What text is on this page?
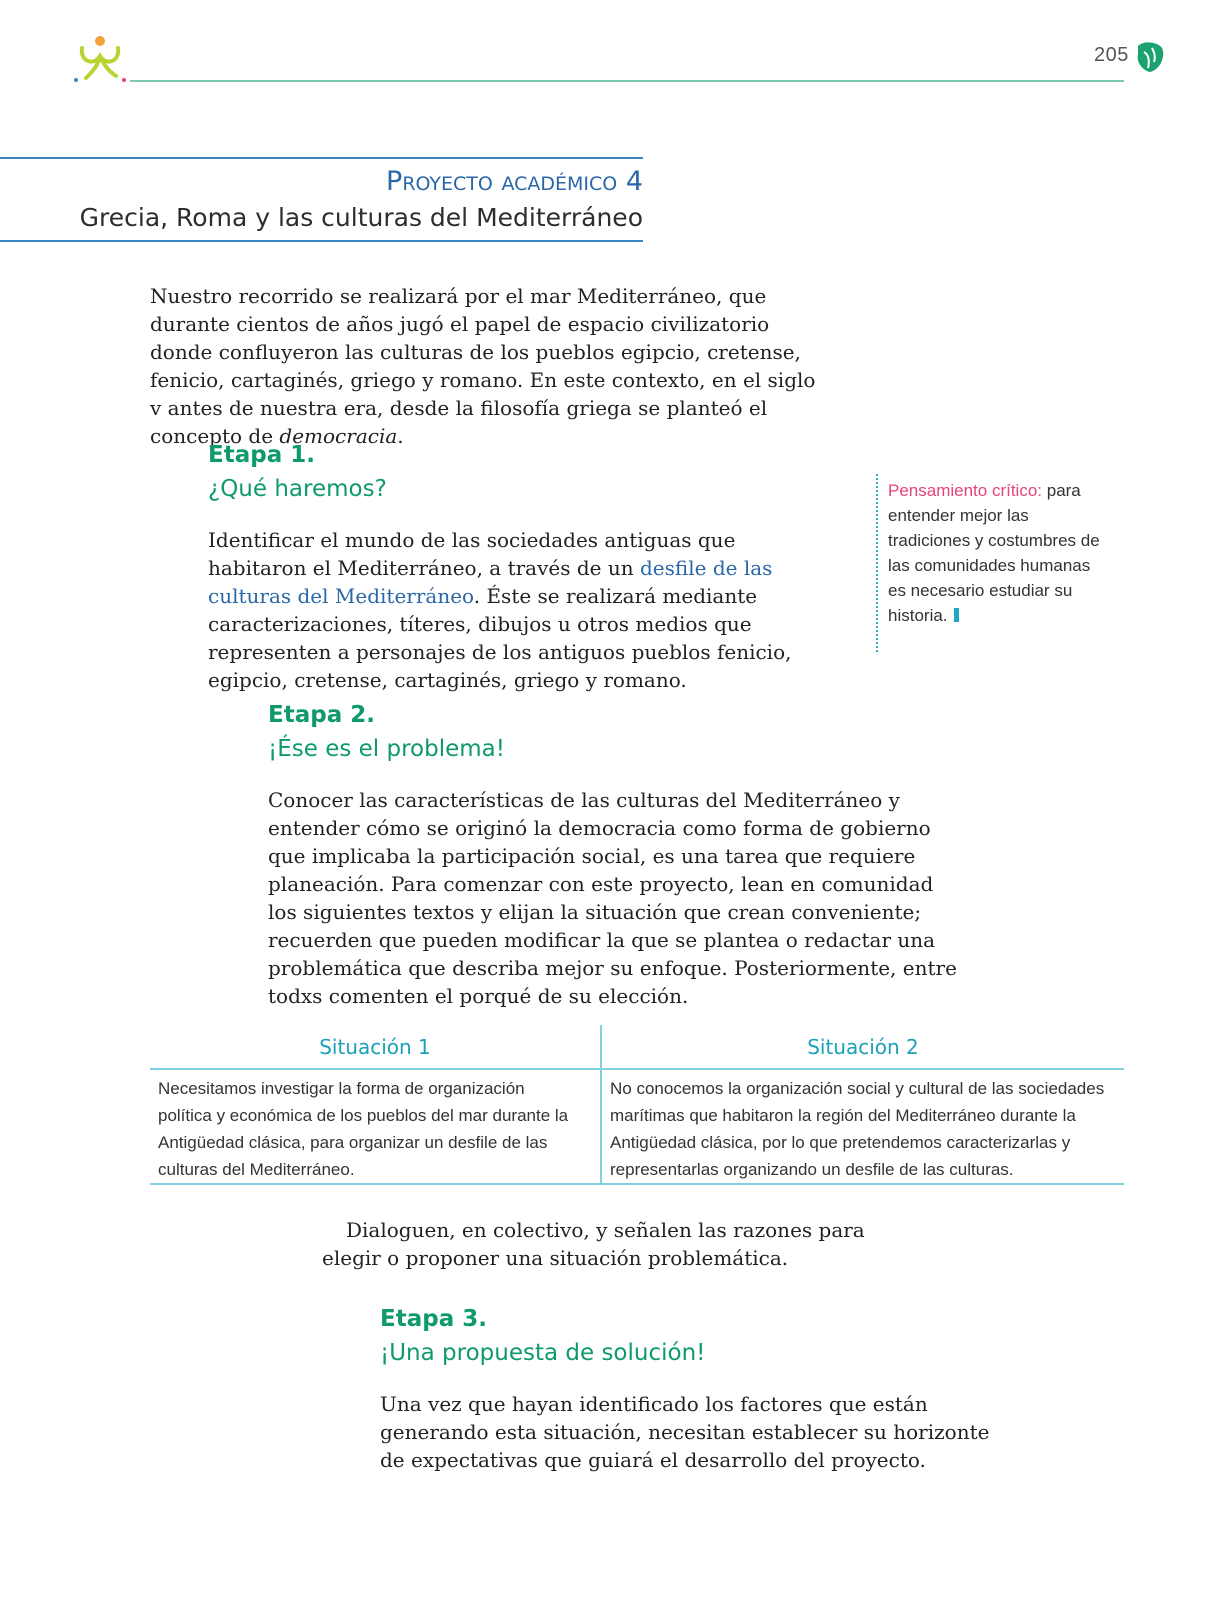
205
Proyecto académico 4
Grecia, Roma y las culturas del Mediterráneo
Nuestro recorrido se realizará por el mar Mediterráneo, que durante cientos de años jugó el papel de espacio civilizatorio donde confluyeron las culturas de los pueblos egipcio, cretense, fenicio, cartaginés, griego y romano. En este contexto, en el siglo v antes de nuestra era, desde la filosofía griega se planteó el concepto de democracia.
Etapa 1.
¿Qué haremos?
Identificar el mundo de las sociedades antiguas que habitaron el Mediterráneo, a través de un desfile de las culturas del Mediterráneo. Éste se realizará mediante caracterizaciones, títeres, dibujos u otros medios que representen a personajes de los antiguos pueblos fenicio, egipcio, cretense, cartaginés, griego y romano.
Pensamiento crítico: para entender mejor las tradiciones y costumbres de las comunidades humanas es necesario estudiar su historia.
Etapa 2.
¡Ése es el problema!
Conocer las características de las culturas del Mediterráneo y entender cómo se originó la democracia como forma de gobierno que implicaba la participación social, es una tarea que requiere planeación. Para comenzar con este proyecto, lean en comunidad los siguientes textos y elijan la situación que crean conveniente; recuerden que pueden modificar la que se plantea o redactar una problemática que describa mejor su enfoque. Posteriormente, entre todxs comenten el porqué de su elección.
Situación 1
Necesitamos investigar la forma de organización política y económica de los pueblos del mar durante la Antigüedad clásica, para organizar un desfile de las culturas del Mediterráneo.
Situación 2
No conocemos la organización social y cultural de las sociedades marítimas que habitaron la región del Mediterráneo durante la Antigüedad clásica, por lo que pretendemos caracterizarlas y representarlas organizando un desfile de las culturas.
Dialoguen, en colectivo, y señalen las razones para elegir o proponer una situación problemática.
Etapa 3.
¡Una propuesta de solución!
Una vez que hayan identificado los factores que están generando esta situación, necesitan establecer su horizonte de expectativas que guiará el desarrollo del proyecto.
